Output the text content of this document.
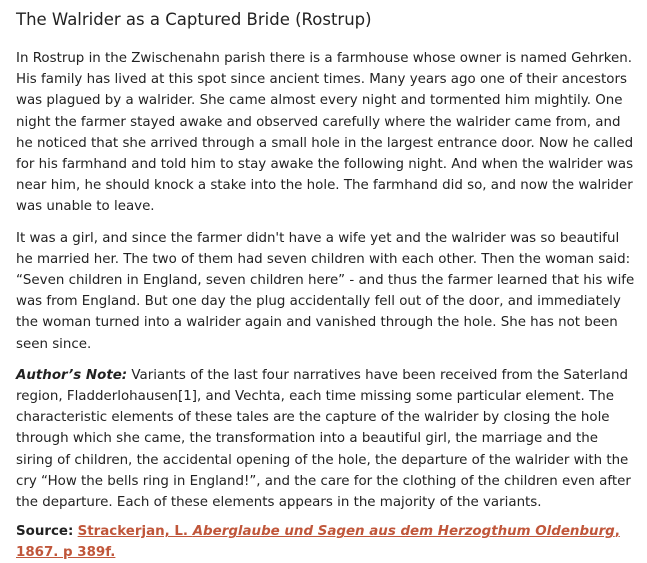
The Walrider as a Captured Bride (Rostrup)

In Rostrup in the Zwischenahn parish there is a farmhouse whose owner is named Gehrken. His family has lived at this spot since ancient times. Many years ago one of their ancestors was plagued by a walrider. She came almost every night and tormented him mightily. One night the farmer stayed awake and observed carefully where the walrider came from, and he noticed that she arrived through a small hole in the largest entrance door. Now he called for his farmhand and told him to stay awake the following night. And when the walrider was near him, he should knock a stake into the hole. The farmhand did so, and now the walrider was unable to leave.

It was a girl, and since the farmer didn't have a wife yet and the walrider was so beautiful he married her. The two of them had seven children with each other. Then the woman said: “Seven children in England, seven children here” - and thus the farmer learned that his wife was from England. But one day the plug accidentally fell out of the door, and immediately the woman turned into a walrider again and vanished through the hole. She has not been seen since.

Author’s Note: Variants of the last four narratives have been received from the Saterland region, Fladderlohausen[1], and Vechta, each time missing some particular element. The characteristic elements of these tales are the capture of the walrider by closing the hole through which she came, the transformation into a beautiful girl, the marriage and the siring of children, the accidental opening of the hole, the departure of the walrider with the cry “How the bells ring in England!”, and the care for the clothing of the children even after the departure. Each of these elements appears in the majority of the variants.

Source: Strackerjan, L. Aberglaube und Sagen aus dem Herzogthum Oldenburg, 1867. p 389f.
